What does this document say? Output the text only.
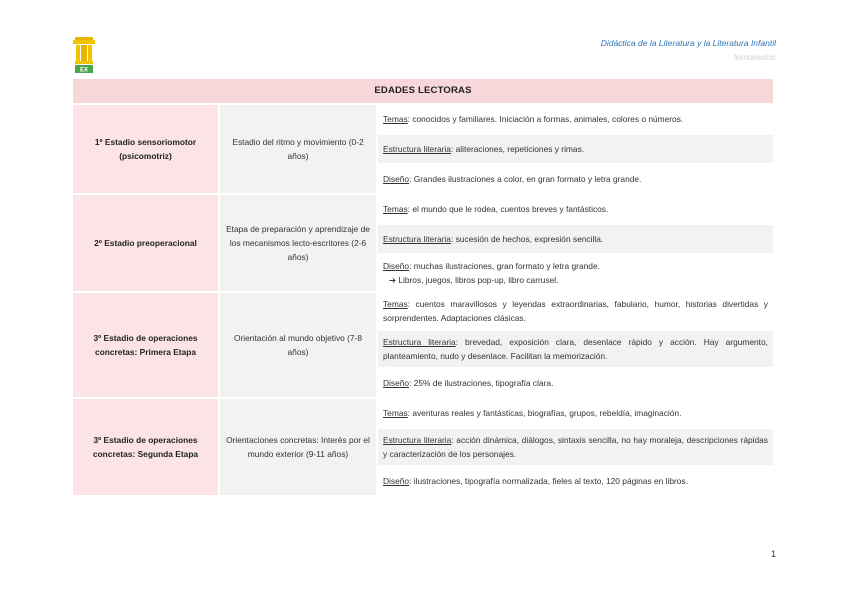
EX
Didáctica de la Literatura y la Literatura Infantil
fernoneduc
EDADES LECTORAS		
1º Estadio sensoriomotor (psicomotriz)	Estadio del ritmo y movimiento (0-2 años)	Temas: conocidos y familiares. Iniciación a formas, animales, colores o números.
		Estructura literaria: aliteraciones, repeticiones y rimas.
		Diseño: Grandes ilustraciones a color, en gran formato y letra grande.
2º Estadio preoperacional	Etapa de preparación y aprendizaje de los mecanismos lecto-escritores (2-6 años)	Temas: el mundo que le rodea, cuentos breves y fantásticos.
		Estructura literaria: sucesión de hechos, expresión sencilla.
		Diseño: muchas ilustraciones, gran formato y letra grande.
➔ Libros, juegos, libros pop-up, libro carrusel.

3º Estadio de operaciones concretas: Primera Etapa	Orientación al mundo objetivo (7-8 años)	Temas: cuentos maravillosos y leyendas extraordinarias, fabulario, humor, historias divertidas y sorprendentes. Adaptaciones clásicas.
		Estructura literaria: brevedad, exposición clara, desenlace rápido y acción. Hay argumento, planteamiento, nudo y desenlace. Facilitan la memorización.
		Diseño: 25% de ilustraciones, tipografía clara.
3º Estadio de operaciones concretas: Segunda Etapa	Orientaciones concretas: Interés por el mundo exterior (9-11 años)	Temas: aventuras reales y fantásticas, biografías, grupos, rebeldía, imaginación.
		Estructura literaria: acción dinámica, diálogos, sintaxis sencilla, no hay moraleja, descripciones rápidas y caracterización de los personajes.
		Diseño: ilustraciones, tipografía normalizada, fieles al texto, 120 páginas en libros.
1
